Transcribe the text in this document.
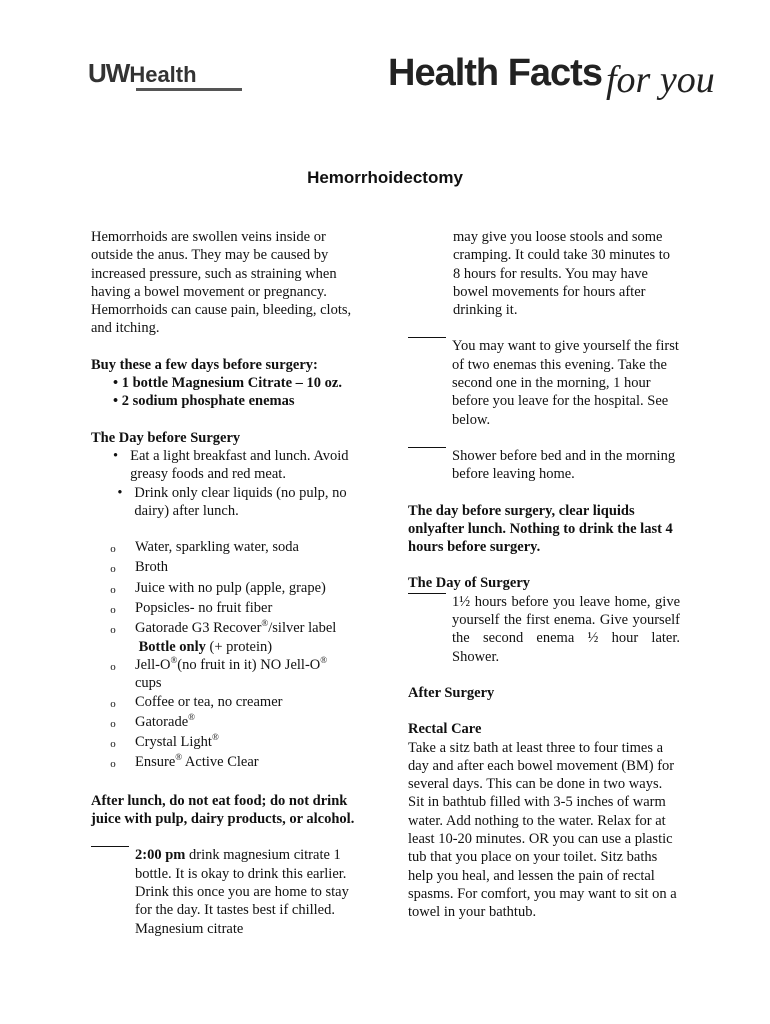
UWHealth	Health Facts for you
Hemorrhoidectomy

Hemorrhoids are swollen veins inside or outside the anus. They may be caused by increased pressure, such as straining when having a bowel movement or pregnancy. Hemorrhoids can cause pain, bleeding, clots, and itching.

Buy these a few days before surgery:

• 1 bottle Magnesium Citrate – 10 oz.
• 2 sodium phosphate enemas

The Day before Surgery

• Eat a light breakfast and lunch. Avoid greasy foods and red meat.
• Drink only clear liquids (no pulp, no dairy) after lunch.
o	Water, sparkling water, soda
o	Broth
o	Juice with no pulp (apple, grape)
o	Popsicles- no fruit fiber
o	Gatorade G3 Recover®/silver label
Bottle only (+ protein)
o	Jell-O®(no fruit in it) NO Jell-O®
cups
o	Coffee or tea, no creamer
o	Gatorade®
o	Crystal Light®
o	Ensure® Active Clear

After lunch, do not eat food; do not drink juice with pulp, dairy products, or alcohol.

2:00 pm drink magnesium citrate 1 bottle. It is okay to drink this earlier. Drink this once you are home to stay for the day. It tastes best if chilled. Magnesium citrate

may give you loose stools and some cramping. It could take 30 minutes to 8 hours for results. You may have bowel movements for hours after drinking it.

You may want to give yourself the first of two enemas this evening. Take the second one in the morning, 1 hour before you leave for the hospital. See below.
Shower before bed and in the morning before leaving home.

The day before surgery, clear liquids onlyafter lunch. Nothing to drink the last 4 hours before surgery.

The Day of Surgery

1½ hours before you leave home, give yourself the first enema. Give yourself the second enema ½ hour later. Shower.

After Surgery

Rectal Care

Take a sitz bath at least three to four times a day and after each bowel movement (BM) for several days. This can be done in two ways. Sit in bathtub filled with 3-5 inches of warm water. Add nothing to the water. Relax for at least 10-20 minutes. OR you can use a plastic tub that you place on your toilet. Sitz baths help you heal, and lessen the pain of rectal spasms. For comfort, you may want to sit on a towel in your bathtub.
